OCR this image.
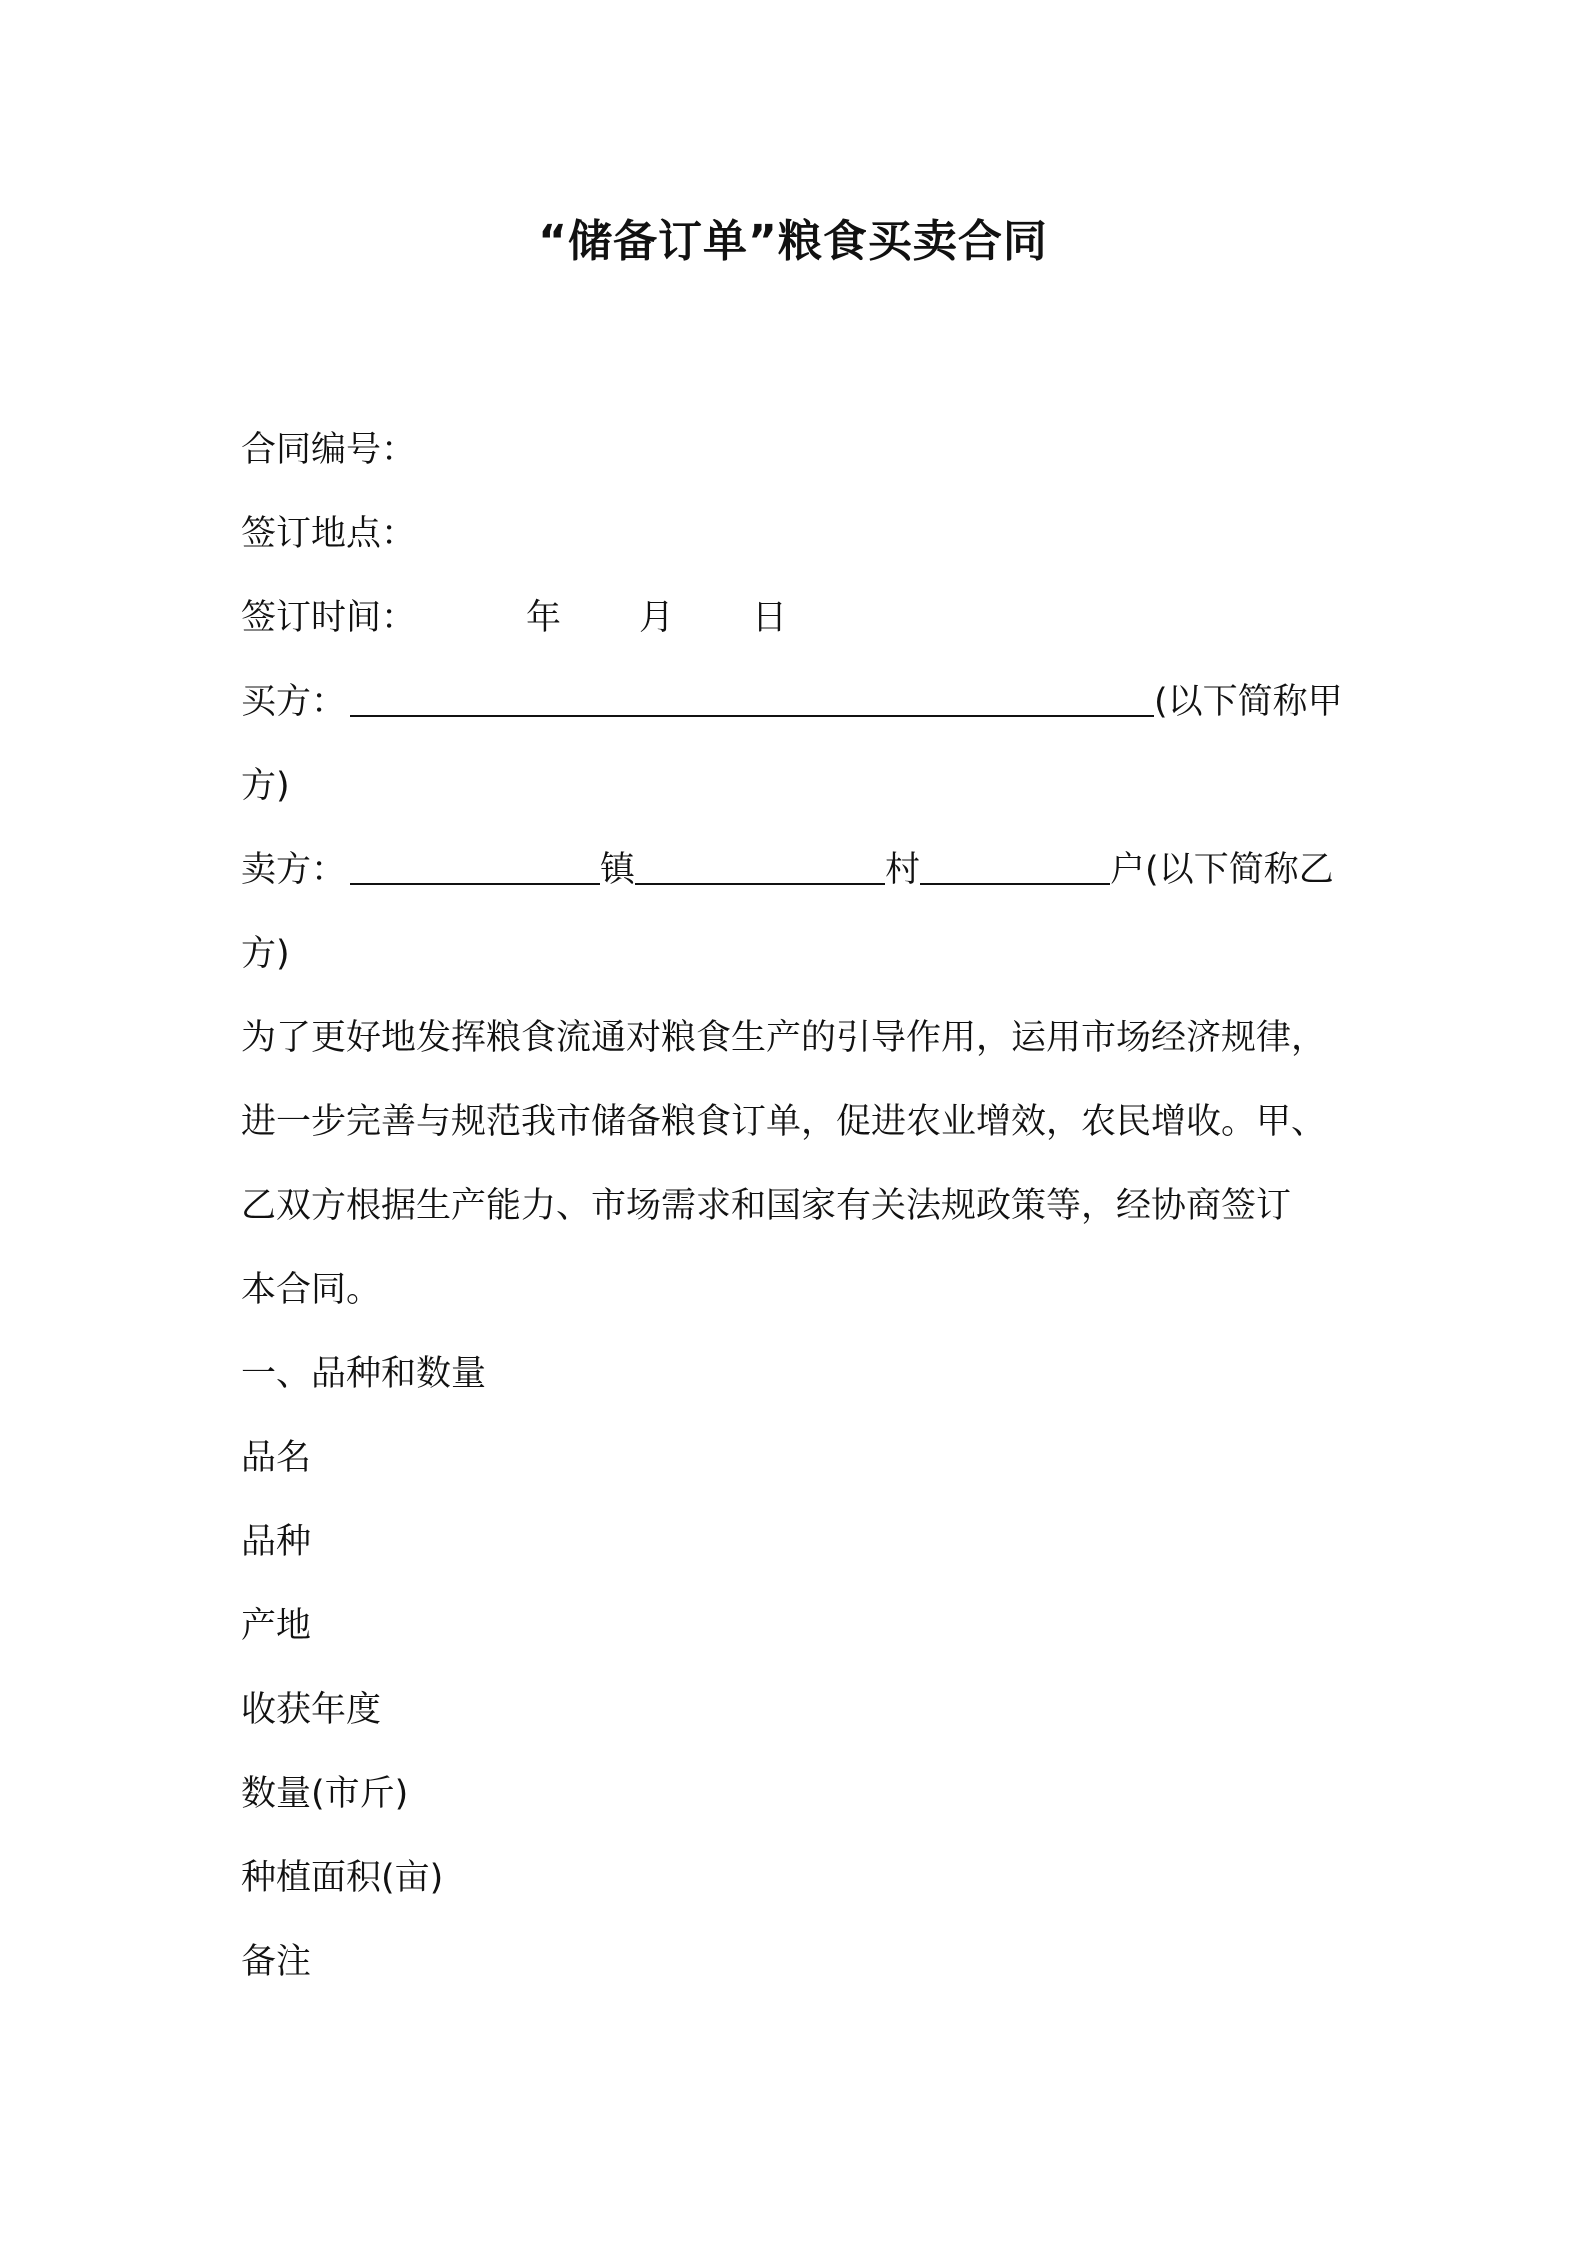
“储备订单”粮食买卖合同
合同编号：
签订地点：
签订时间：	年 月 日
买方：	(以下简称甲
方)
卖方：	镇	村	户(以下简称乙
方)
为了更好地发挥粮食流通对粮食生产的引导作用，运用市场经济规律，
进一步完善与规范我市储备粮食订单，促进农业增效，农民增收。甲、
乙双方根据生产能力、市场需求和国家有关法规政策等，经协商签订
本合同。
一、品种和数量
品名
品种
产地
收获年度
数量(市斤)
种植面积(亩)
备注
